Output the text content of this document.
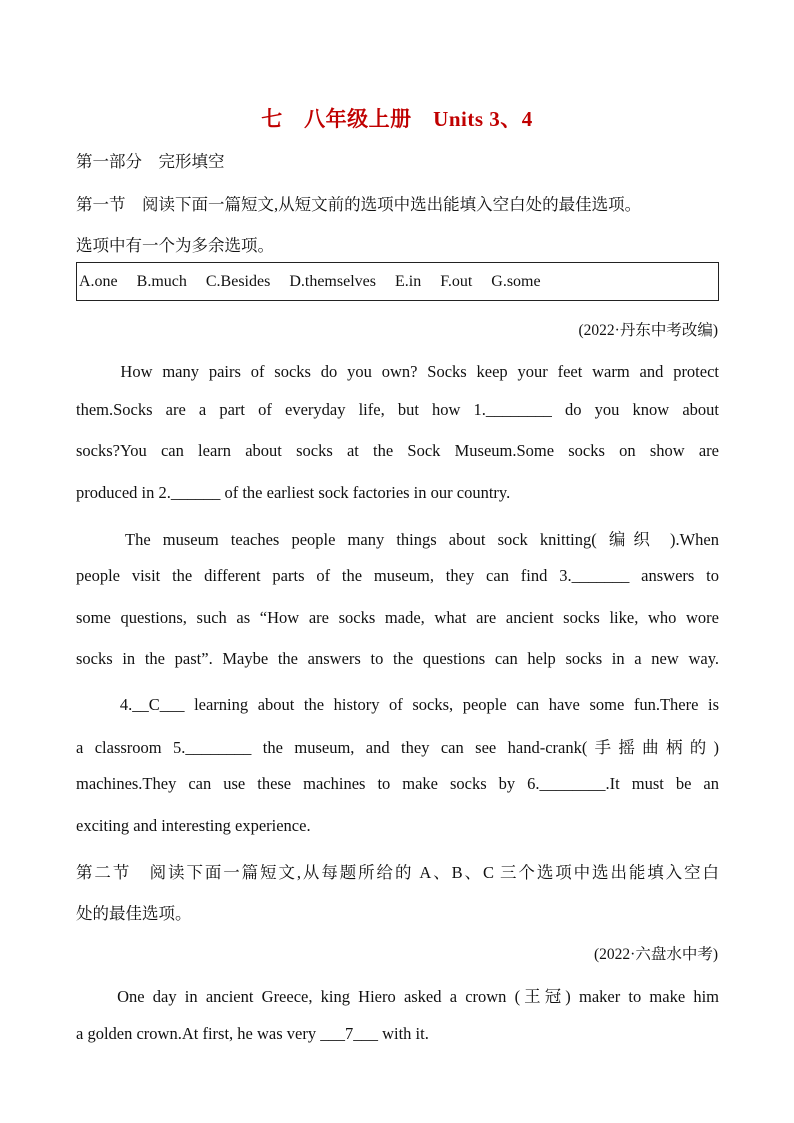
七　八年级上册　Units 3、4
第一部分　完形填空
第一节　阅读下面一篇短文,从短文前的选项中选出能填入空白处的最佳选项。
选项中有一个为多余选项。
A.one B.much C.Besides D.themselves E.in F.out G.some
(2022·丹东中考改编)
　　How many pairs of socks do you own? Socks keep your feet warm and protect
them.Socks are a part of everyday life, but how 1.________ do you know about
socks?You can learn about socks at the Sock Museum.Some socks on show are
produced in 2.______ of the earliest sock factories in our country.
　　The museum teaches people many things about sock knitting( 编织 ).When
people visit the different parts of the museum, they can find 3._______ answers to
some questions, such as “How are socks made, what are ancient socks like, who wore
socks in the past”. Maybe the answers to the questions can help socks in a new way.
　　4.__C___ learning about the history of socks, people can have some fun.There is
a classroom 5.________ the museum, and they can see hand-crank(手摇曲柄的)
machines.They can use these machines to make socks by 6.________.It must be an
exciting and interesting experience.
第二节　阅读下面一篇短文,从每题所给的 A、B、C 三个选项中选出能填入空白
处的最佳选项。
(2022·六盘水中考)
　　One day in ancient Greece, king Hiero asked a crown (王冠) maker to make him
a golden crown.At first, he was very ___7___ with it.
